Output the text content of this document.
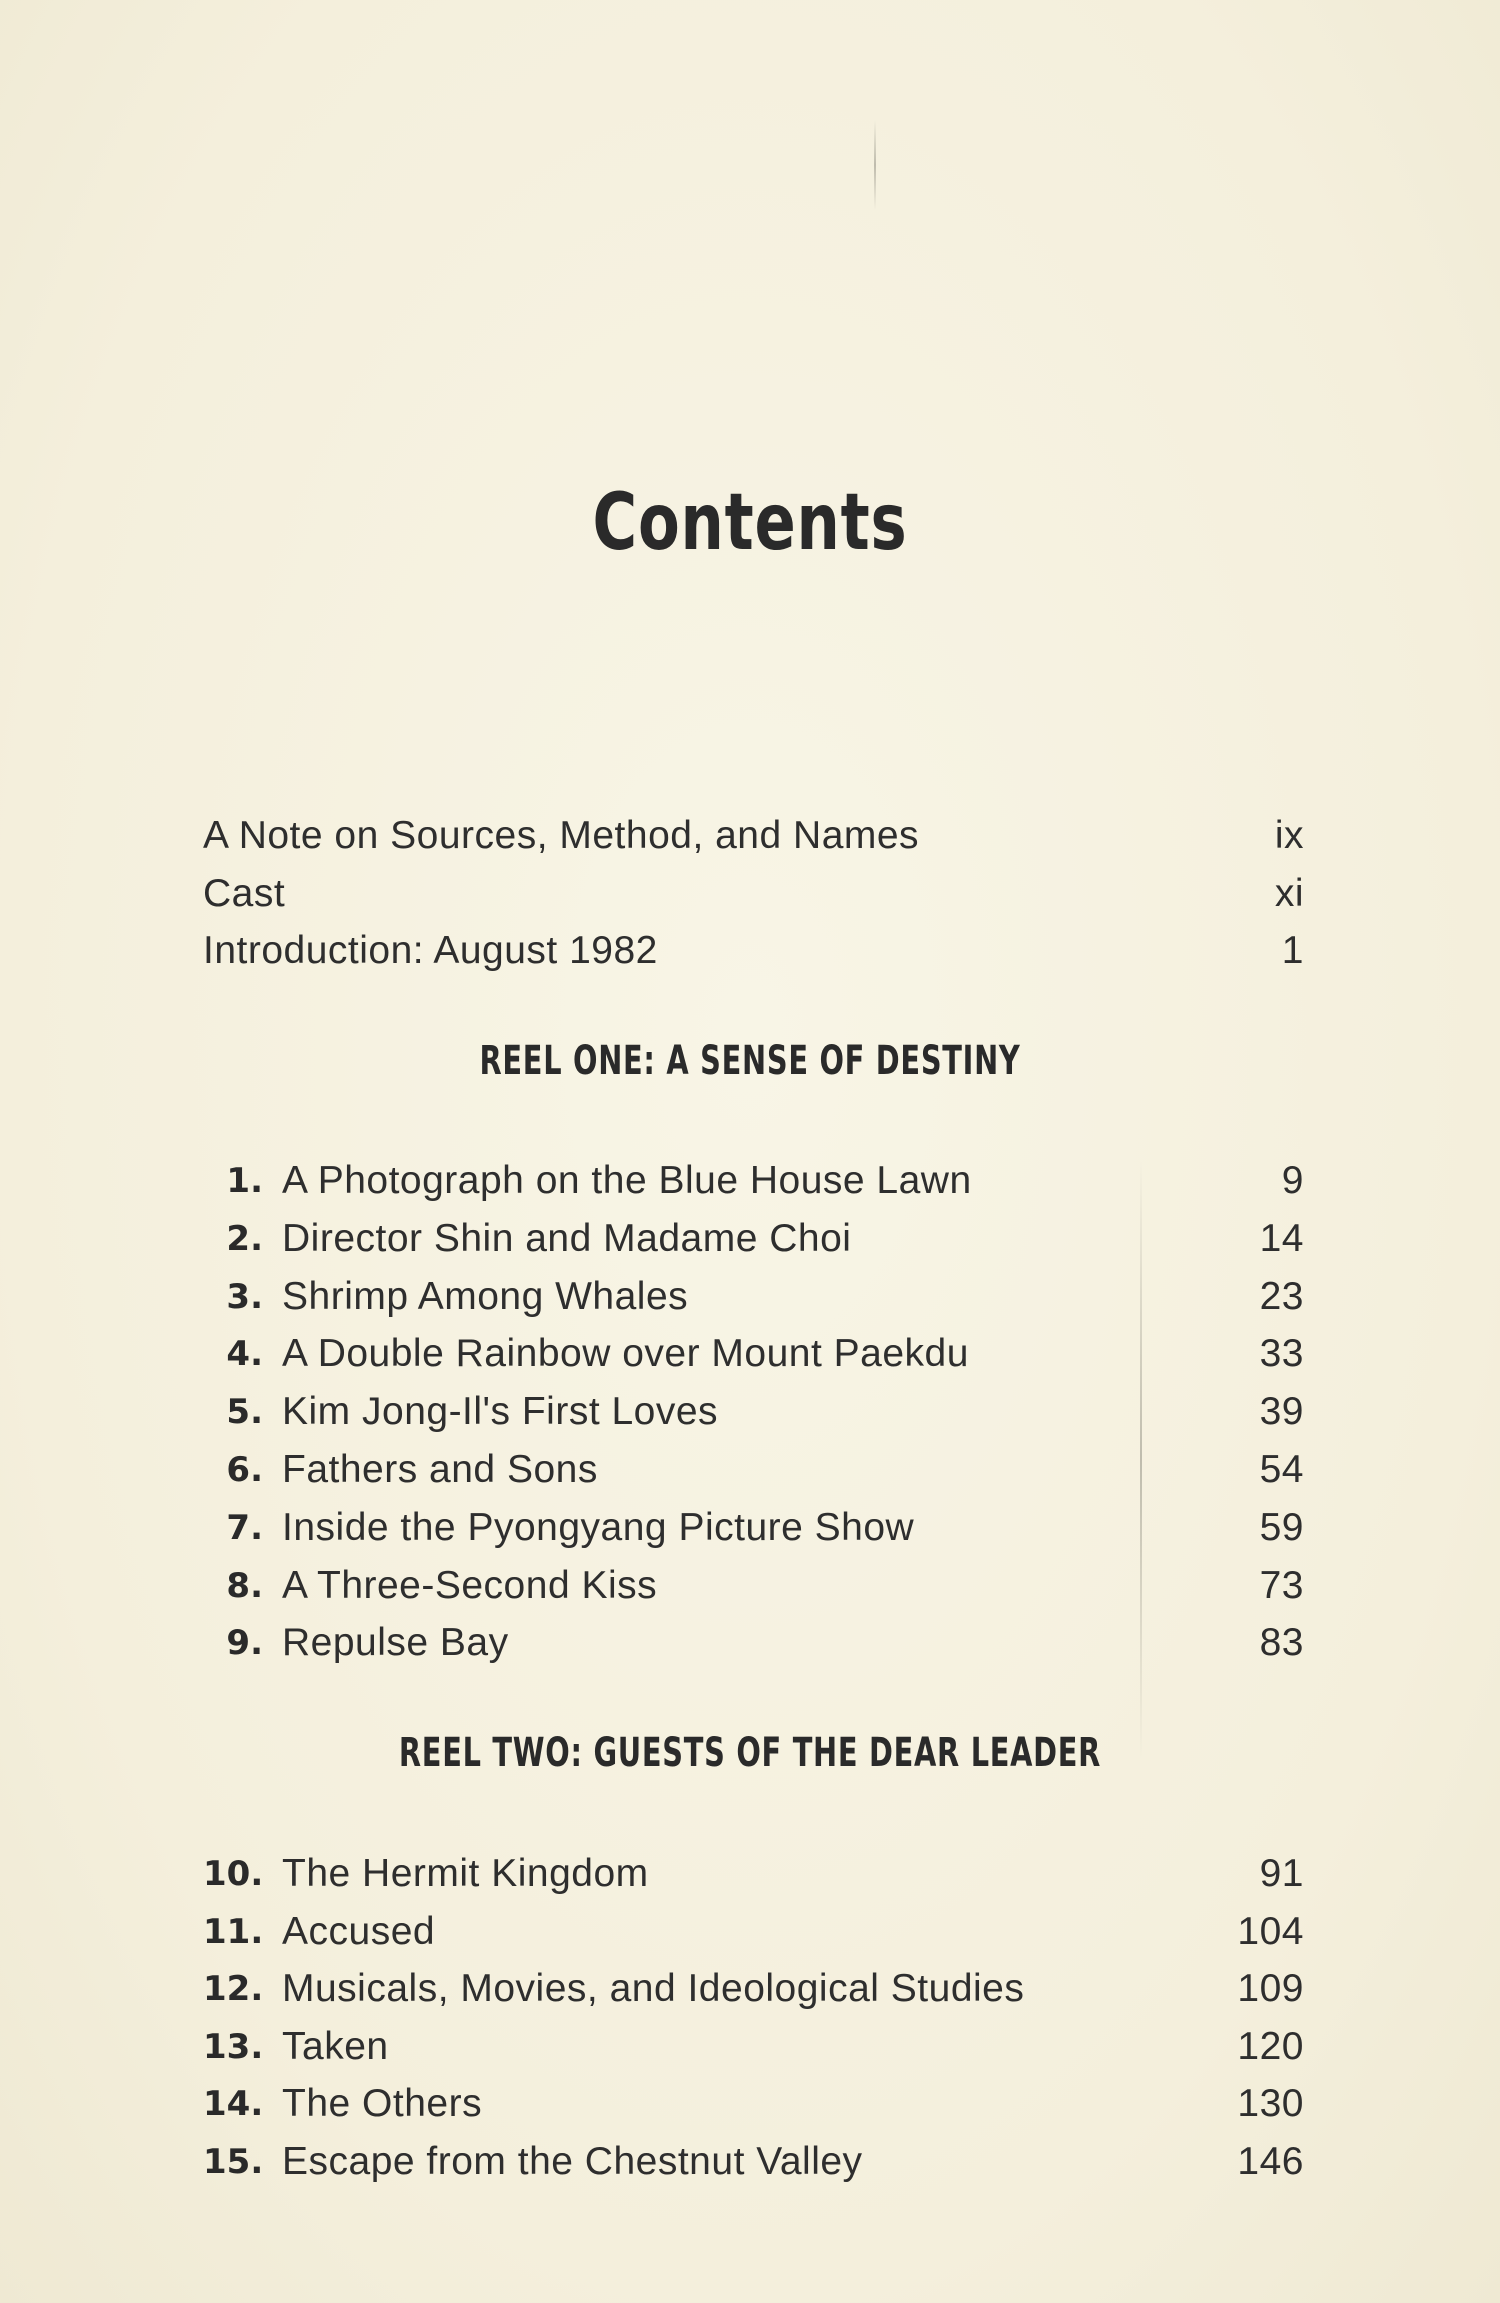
Contents
A Note on Sources, Method, and Names	ix
Cast	xi
Introduction: August 1982	1
REEL ONE: A SENSE OF DESTINY
1. A Photograph on the Blue House Lawn	9
2. Director Shin and Madame Choi	14
3. Shrimp Among Whales	23
4. A Double Rainbow over Mount Paekdu	33
5. Kim Jong-Il's First Loves	39
6. Fathers and Sons	54
7. Inside the Pyongyang Picture Show	59
8. A Three-Second Kiss	73
9. Repulse Bay	83
REEL TWO: GUESTS OF THE DEAR LEADER
10. The Hermit Kingdom	91
11. Accused	104
12. Musicals, Movies, and Ideological Studies	109
13. Taken	120
14. The Others	130
15. Escape from the Chestnut Valley	146
